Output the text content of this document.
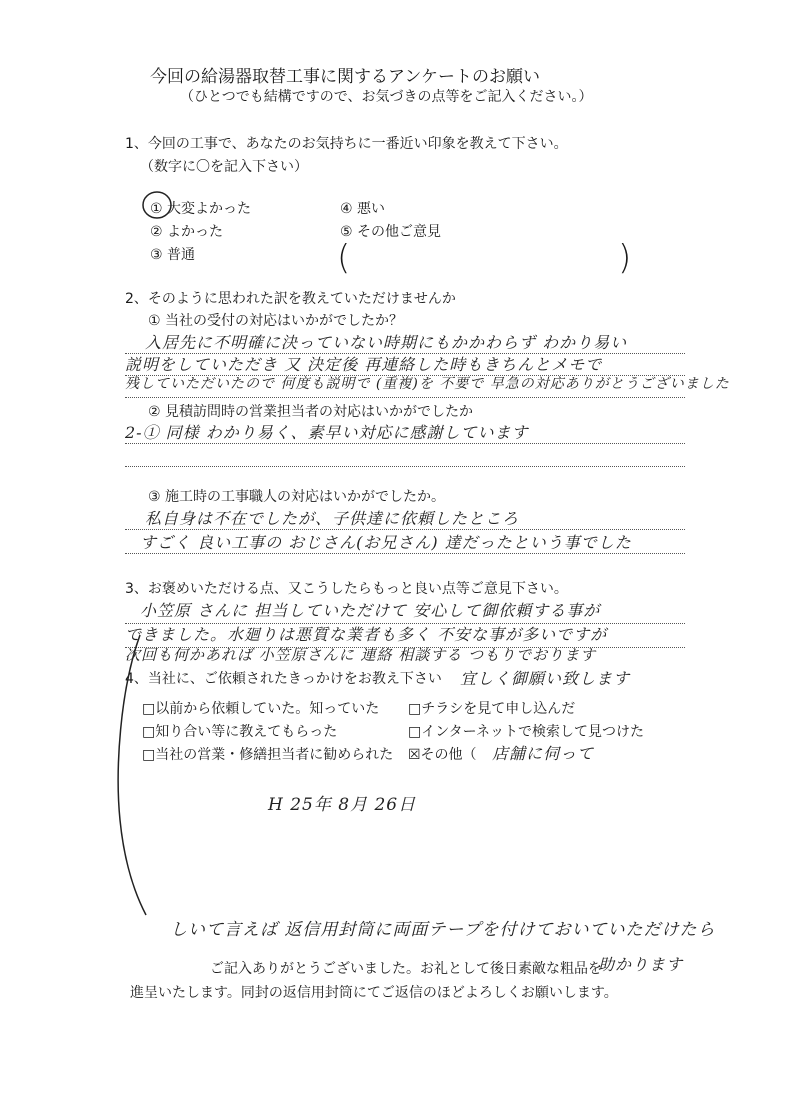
今回の給湯器取替工事に関するアンケートのお願い
（ひとつでも結構ですので、お気づきの点等をご記入ください。）
1、今回の工事で、あなたのお気持ちに一番近い印象を教えて下さい。
（数字に〇を記入下さい）
① 大変よかった
② よかった
③ 普通
④ 悪い
⑤ その他ご意見
(	)
2、そのように思われた訳を教えていただけませんか
① 当社の受付の対応はいかがでしたか？
入居先に不明確に決っていない時期にもかかわらず わかり易い
説明をしていただき 又 決定後 再連絡した時もきちんとメモで
残していただいたので 何度も説明で (重複)を 不要で 早急の対応ありがとうございました
② 見積訪問時の営業担当者の対応はいかがでしたか
2-① 同様 わかり易く、素早い対応に感謝しています
③ 施工時の工事職人の対応はいかがでしたか。
私自身は不在でしたが、子供達に依頼したところ
すごく 良い工事の おじさん(お兄さん) 達だったという事でした
3、お褒めいただける点、又こうしたらもっと良い点等ご意見下さい。
小笠原 さんに 担当していただけて 安心して御依頼する事が
できました。水廻りは悪質な業者も多く 不安な事が多いですが
次回も何かあれば 小笠原さんに 連絡 相談する つもりでおります
宜しく御願い致します
4、当社に、ご依頼されたきっかけをお教え下さい
□以前から依頼していた。知っていた
□知り合い等に教えてもらった
□当社の営業・修繕担当者に勧められた
□チラシを見て申し込んだ
□インターネットで検索して見つけた
☒その他（ 店舗に伺って
H 25年 8月 26日
しいて言えば 返信用封筒に両面テープを付けておいていただけたら
助かります
ご記入ありがとうございました。お礼として後日素敵な粗品を
進呈いたします。同封の返信用封筒にてご返信のほどよろしくお願いします。
